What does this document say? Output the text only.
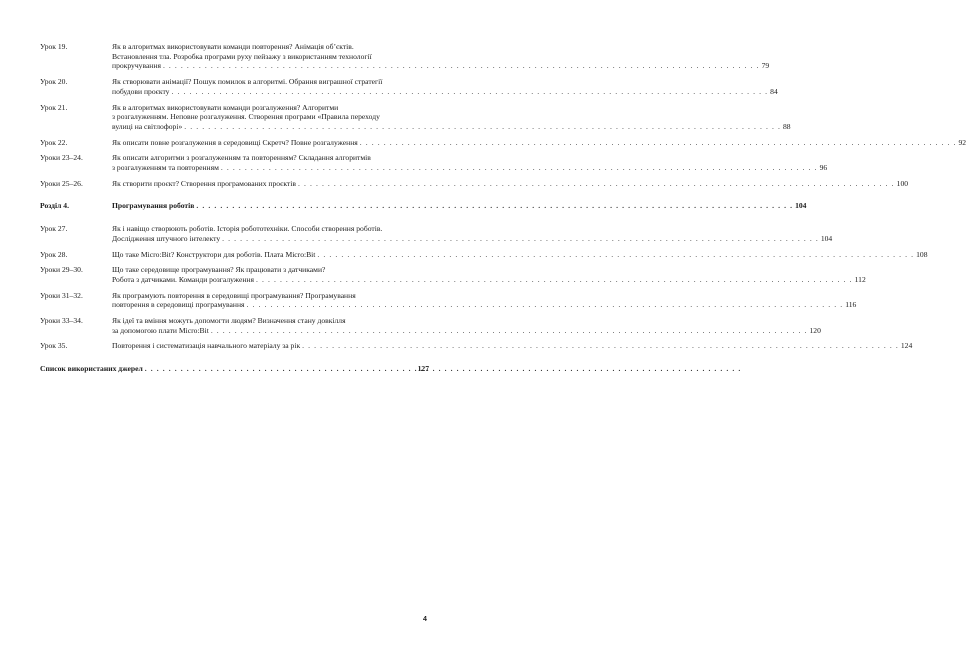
Урок 19.	Як в алгоритмах використовувати команди повторення? Анімація об’єктів.
Встановлення тла. Розробка програми руху пейзажу з використанням технології
прокручування . . .	79
Урок 20.	Як створювати анімації? Пошук помилок в алгоритмі. Обрання виграшної стратегії
побудови проєкту . . .	84
Урок 21.	Як в алгоритмах використовувати команди розгалуження? Алгоритми
з розгалуженням. Неповне розгалуження. Створення програми «Правила переходу
вулиці на світлофорі» . . .	88
Урок 22.	Як описати повне розгалуження в середовищі Скретч? Повне розгалуження . . .	92
Уроки 23–24.	Як описати алгоритми з розгалуженням та повторенням? Складання алгоритмів
з розгалуженням та повторенням . . .	96
Уроки 25–26.	Як створити проєкт? Створення програмованих проєктів . . .	100
Розділ 4.	Програмування роботів . . .	104
Урок 27.	Як і навіщо створюють роботів. Історія робототехніки. Способи створення роботів.
Дослідження штучного інтелекту . . .	104
Урок 28.	Що таке Micro:Bit? Конструктори для роботів. Плата Micro:Bit . . .	108
Уроки 29–30.	Що таке середовище програмування? Як працювати з датчиками?
Робота з датчиками. Команди розгалуження . . .	112
Уроки 31–32.	Як програмують повторення в середовищі програмування? Програмування
повторення в середовищі програмування . . .	116
Уроки 33–34.	Як ідеї та вміння можуть допомогти людям? Визначення стану довкілля
за допомогою плати Micro:Bit . . .	120
Урок 35.	Повторення і систематизація навчального матеріалу за рік . . .	124
Список використаних джерел . . .	127
4
